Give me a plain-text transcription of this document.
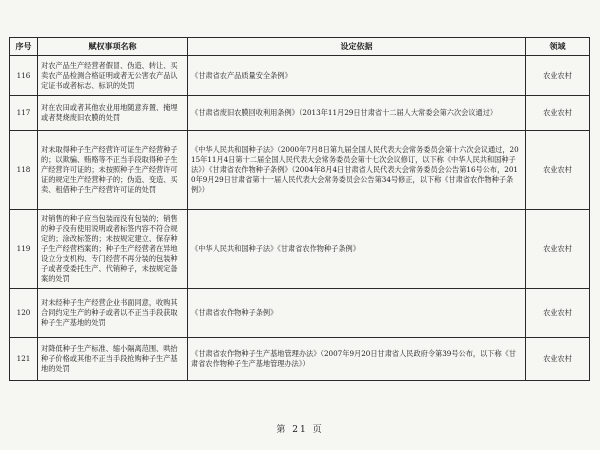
序号	赋权事项名称	设定依据	领域
116	对农产品生产经营者假冒、伪造、转让、买卖农产品检测合格证明或者无公害农产品认定证书或者标志、标识的处罚	《甘肃省农产品质量安全条例》	农业农村
117	对在农田或者其他农业用地随意弃置、掩埋或者焚烧废旧农膜的处罚	《甘肃省废旧农膜回收利用条例》（2013年11月29日甘肃省十二届人大常委会第六次会议通过）	农业农村
118	对未取得种子生产经营许可证生产经营种子的；以欺骗、贿赂等不正当手段取得种子生产经营许可证的；未按照种子生产经营许可证的规定生产经营种子的；伪造、变造、买卖、租借种子生产经营许可证的处罚	《中华人民共和国种子法》（2000年7月8日第九届全国人民代表大会常务委员会第十六次会议通过，2015年11月4日第十二届全国人民代表大会常务委员会第十七次会议修订，以下称《中华人民共和国种子法》）《甘肃省农作物种子条例》（2004年8月4日甘肃省人民代表大会常务委员会公告第16号公布，2010年9月29日甘肃省第十一届人民代表大会常务委员会公告第34号修正，以下称《甘肃省农作物种子条例》）	农业农村
119	对销售的种子应当包装而没有包装的；销售的种子没有使用说明或者标签内容不符合规定的；涂改标签的；未按规定建立、保存种子生产经营档案的；种子生产经营者在异地设立分支机构、专门经营不再分装的包装种子或者受委托生产、代销种子，未按规定备案的处罚	《中华人民共和国种子法》《甘肃省农作物种子条例》	农业农村
120	对未经种子生产经营企业书面同意，收购其合同约定生产的种子或者以不正当手段获取种子生产基地的处罚	《甘肃省农作物种子条例》	农业农村
121	对降低种子生产标准、缩小隔离范围、哄抬种子价格或其他不正当手段抢购种子生产基地的处罚	《甘肃省农作物种子生产基地管理办法》（2007年9月20日甘肃省人民政府令第39号公布，以下称《甘肃省农作物种子生产基地管理办法》）	农业农村
第 21 页
